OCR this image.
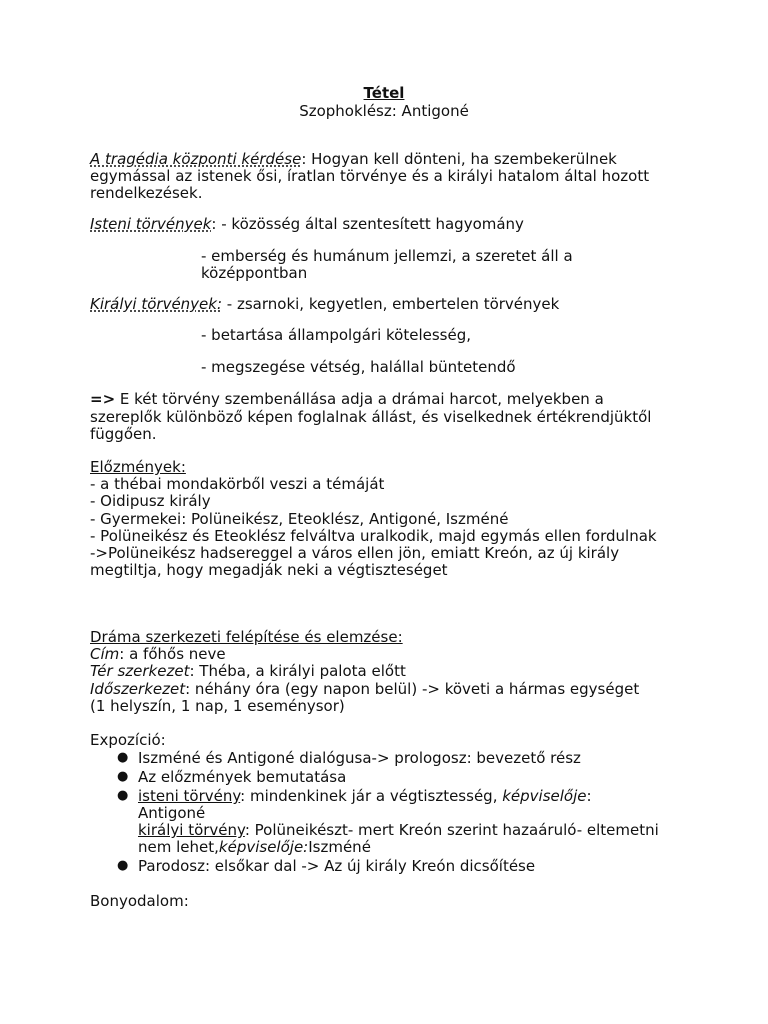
Tétel
Szophoklész: Antigoné
A tragédia központi kérdése: Hogyan kell dönteni, ha szembekerülnek
egymással az istenek ősi, íratlan törvénye és a királyi hatalom által hozott
rendelkezések.
Isteni törvények: - közösség által szentesített hagyomány
- emberség és humánum jellemzi, a szeretet áll a
középpontban
Királyi törvények: - zsarnoki, kegyetlen, embertelen törvények
- betartása állampolgári kötelesség,
- megszegése vétség, halállal büntetendő
=> E két törvény szembenállása adja a drámai harcot, melyekben a
szereplők különböző képen foglalnak állást, és viselkednek értékrendjüktől
függően.
Előzmények:
- a thébai mondakörből veszi a témáját
- Oidipusz király
- Gyermekei: Polüneikész, Eteoklész, Antigoné, Iszméné
- Polüneikész és Eteoklész felváltva uralkodik, majd egymás ellen fordulnak
->Polüneikész hadsereggel a város ellen jön, emiatt Kreón, az új király
megtiltja, hogy megadják neki a végtiszteséget
Dráma szerkezeti felépítése és elemzése:
Cím: a főhős neve
Tér szerkezet: Théba, a királyi palota előtt
Időszerkezet: néhány óra (egy napon belül) -> követi a hármas egységet
(1 helyszín, 1 nap, 1 eseménysor)
Expozíció:
● Iszméné és Antigoné dialógusa-> prologosz: bevezető rész
● Az előzmények bemutatása
● isteni törvény: mindenkinek jár a végtisztesség, képviselője:
Antigoné
királyi törvény: Polüneikészt- mert Kreón szerint hazaáruló- eltemetni
nem lehet,képviselője:Iszméné
● Parodosz: elsőkar dal -> Az új király Kreón dicsőítése
Bonyodalom:
